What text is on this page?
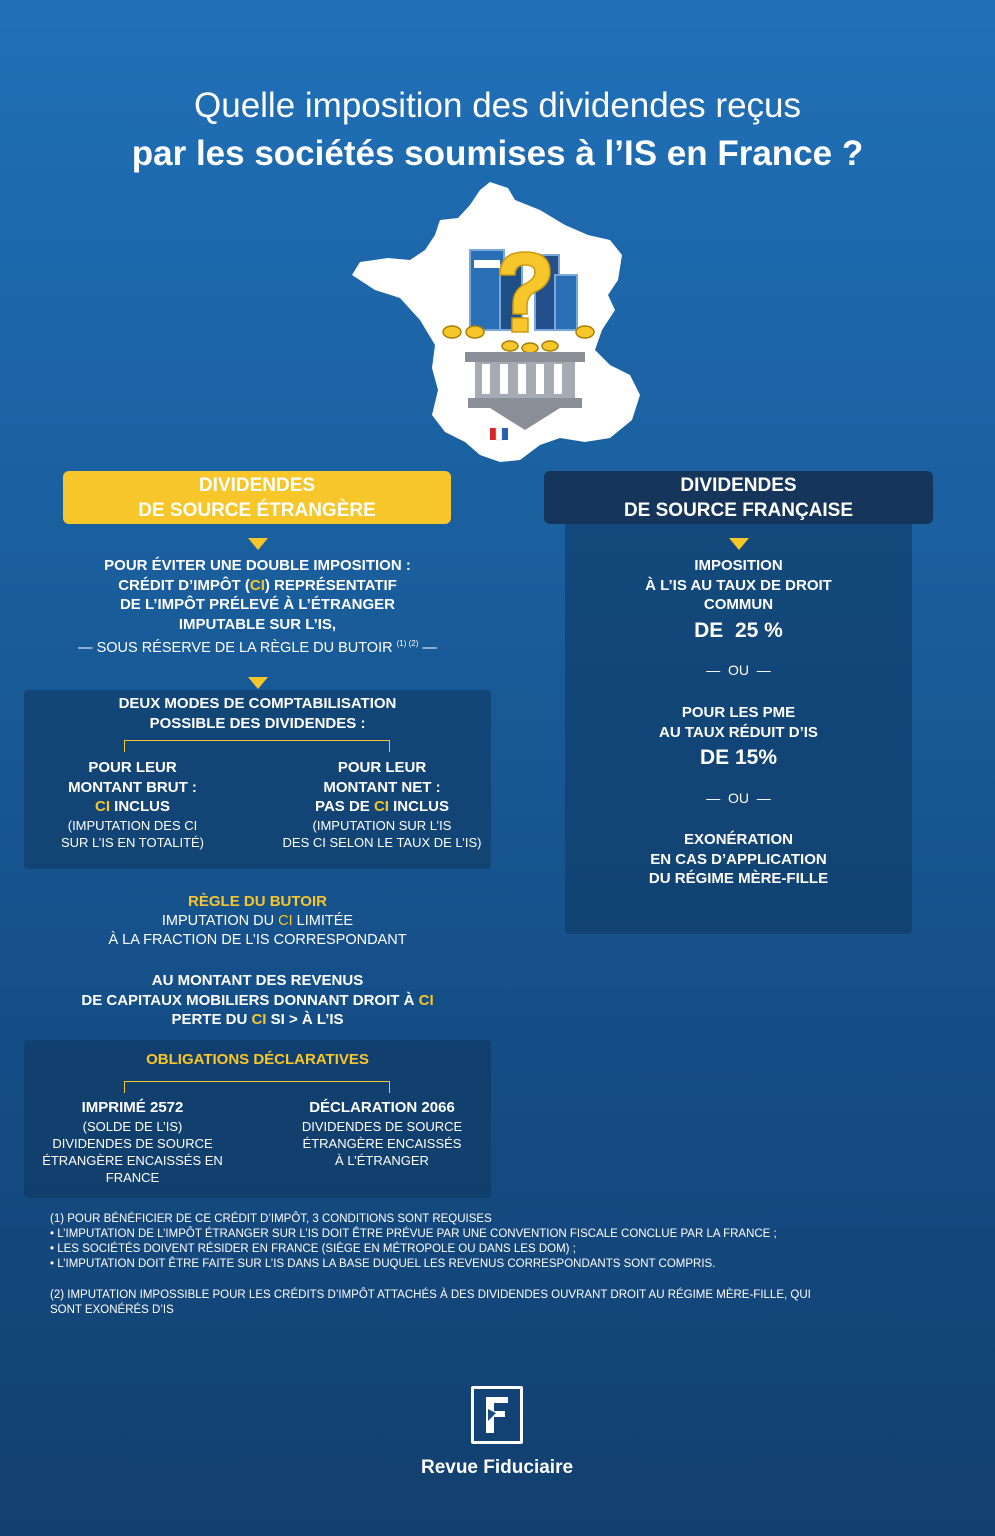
Quelle imposition des dividendes reçus
par les sociétés soumises à l’IS en France ?
DIVIDENDES
DE SOURCE ÉTRANGÈRE
DIVIDENDES
DE SOURCE FRANÇAISE
POUR ÉVITER UNE DOUBLE IMPOSITION :
CRÉDIT D’IMPÔT (CI) REPRÉSENTATIF
DE L’IMPÔT PRÉLEVÉ À L’ÉTRANGER
IMPUTABLE SUR L’IS,
— SOUS RÉSERVE DE LA RÈGLE DU BUTOIR $^{(1) (2)}$ —
DEUX MODES DE COMPTABILISATION
POSSIBLE DES DIVIDENDES :
POUR LEUR
MONTANT BRUT :
CI INCLUS
(IMPUTATION DES CI
SUR L’IS EN TOTALITÉ)
POUR LEUR
MONTANT NET :
PAS DE CI INCLUS
(IMPUTATION SUR L’IS
DES CI SELON LE TAUX DE L’IS)
RÈGLE DU BUTOIR
IMPUTATION DU CI LIMITÉE
À LA FRACTION DE L’IS CORRESPONDANT
AU MONTANT DES REVENUS
DE CAPITAUX MOBILIERS DONNANT DROIT À CI
PERTE DU CI SI > À L’IS
OBLIGATIONS DÉCLARATIVES
IMPRIMÉ 2572
(SOLDE DE L’IS)
DIVIDENDES DE SOURCE
ÉTRANGÈRE ENCAISSÉS EN
FRANCE
DÉCLARATION 2066
DIVIDENDES DE SOURCE
ÉTRANGÈRE ENCAISSÉS
À L’ÉTRANGER
IMPOSITION
À L’IS AU TAUX DE DROIT
COMMUN
DE  25 %
—  OU  —
POUR LES PME
AU TAUX RÉDUIT D’IS
DE 15%
—  OU  —
EXONÉRATION
EN CAS D’APPLICATION
DU RÉGIME MÈRE-FILLE
(1) POUR BÉNÉFICIER DE CE CRÉDIT D’IMPÔT, 3 CONDITIONS SONT REQUISES
• L’IMPUTATION DE L’IMPÔT ÉTRANGER SUR L’IS DOIT ÊTRE PRÉVUE PAR UNE CONVENTION FISCALE CONCLUE PAR LA FRANCE ;
• LES SOCIÉTÉS DOIVENT RÉSIDER EN FRANCE (SIÈGE EN MÉTROPOLE OU DANS LES DOM) ;
• L’IMPUTATION DOIT ÊTRE FAITE SUR L’IS DANS LA BASE DUQUEL LES REVENUS CORRESPONDANTS SONT COMPRIS.
(2) IMPUTATION IMPOSSIBLE POUR LES CRÉDITS D’IMPÔT ATTACHÉS À DES DIVIDENDES OUVRANT DROIT AU RÉGIME MÈRE-FILLE, QUI
SONT EXONÉRÉS D’IS
Revue Fiduciaire
